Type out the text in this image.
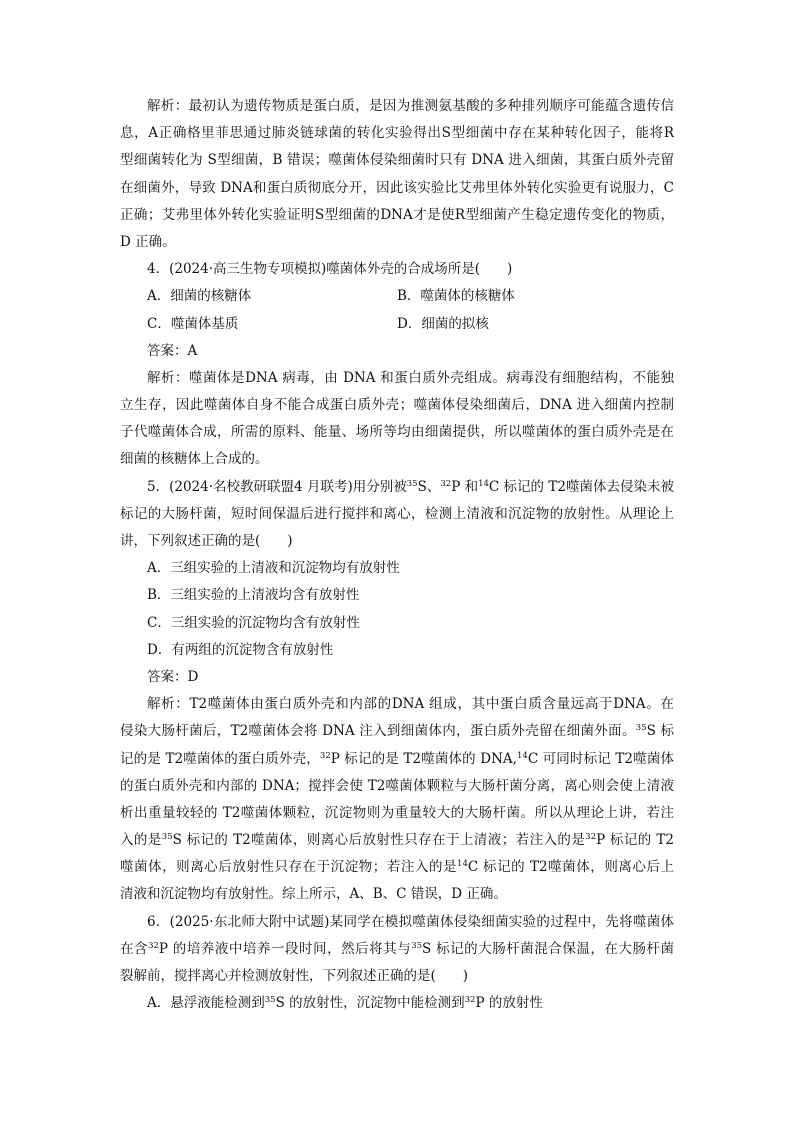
解析：最初认为遗传物质是蛋白质，是因为推测氨基酸的多种排列顺序可能蕴含遗传信
息，A正确格里菲思通过肺炎链球菌的转化实验得出S型细菌中存在某种转化因子，能将R
型细菌转化为 S型细菌，B 错误；噬菌体侵染细菌时只有 DNA 进入细菌，其蛋白质外壳留
在细菌外，导致 DNA和蛋白质彻底分开，因此该实验比艾弗里体外转化实验更有说服力，C
正确；艾弗里体外转化实验证明S型细菌的DNA才是使R型细菌产生稳定遗传变化的物质，
D 正确。
4．(2024·高三生物专项模拟)噬菌体外壳的合成场所是(　　)
A．细菌的核糖体	B．噬菌体的核糖体
C．噬菌体基质	D．细菌的拟核
答案：A
解析：噬菌体是DNA 病毒，由 DNA 和蛋白质外壳组成。病毒没有细胞结构，不能独
立生存，因此噬菌体自身不能合成蛋白质外壳；噬菌体侵染细菌后，DNA 进入细菌内控制
子代噬菌体合成，所需的原料、能量、场所等均由细菌提供，所以噬菌体的蛋白质外壳是在
细菌的核糖体上合成的。
5．(2024·名校教研联盟4 月联考)用分别被$^{35}$S、$^{32}$P 和$^{14}$C 标记的 T2噬菌体去侵染未被
标记的大肠杆菌，短时间保温后进行搅拌和离心，检测上清液和沉淀物的放射性。从理论上
讲，下列叙述正确的是(　　)
A．三组实验的上清液和沉淀物均有放射性
B．三组实验的上清液均含有放射性
C．三组实验的沉淀物均含有放射性
D．有两组的沉淀物含有放射性
答案：D
解析：T2噬菌体由蛋白质外壳和内部的DNA 组成，其中蛋白质含量远高于DNA。在
侵染大肠杆菌后，T2噬菌体会将 DNA 注入到细菌体内，蛋白质外壳留在细菌外面。$^{35}$S 标
记的是 T2噬菌体的蛋白质外壳，$^{32}$P 标记的是 T2噬菌体的 DNA,$^{14}$C 可同时标记 T2噬菌体
的蛋白质外壳和内部的 DNA；搅拌会使 T2噬菌体颗粒与大肠杆菌分离，离心则会使上清液
析出重量较轻的 T2噬菌体颗粒，沉淀物则为重量较大的大肠杆菌。所以从理论上讲，若注
入的是$^{35}$S 标记的 T2噬菌体，则离心后放射性只存在于上清液；若注入的是$^{32}$P 标记的 T2
噬菌体，则离心后放射性只存在于沉淀物；若注入的是$^{14}$C 标记的 T2噬菌体，则离心后上
清液和沉淀物均有放射性。综上所示，A、B、C 错误，D 正确。
6．(2025·东北师大附中试题)某同学在模拟噬菌体侵染细菌实验的过程中，先将噬菌体
在含$^{32}$P 的培养液中培养一段时间，然后将其与$^{35}$S 标记的大肠杆菌混合保温，在大肠杆菌
裂解前，搅拌离心并检测放射性，下列叙述正确的是(　　)
A．悬浮液能检测到$^{35}$S 的放射性，沉淀物中能检测到$^{32}$P 的放射性
